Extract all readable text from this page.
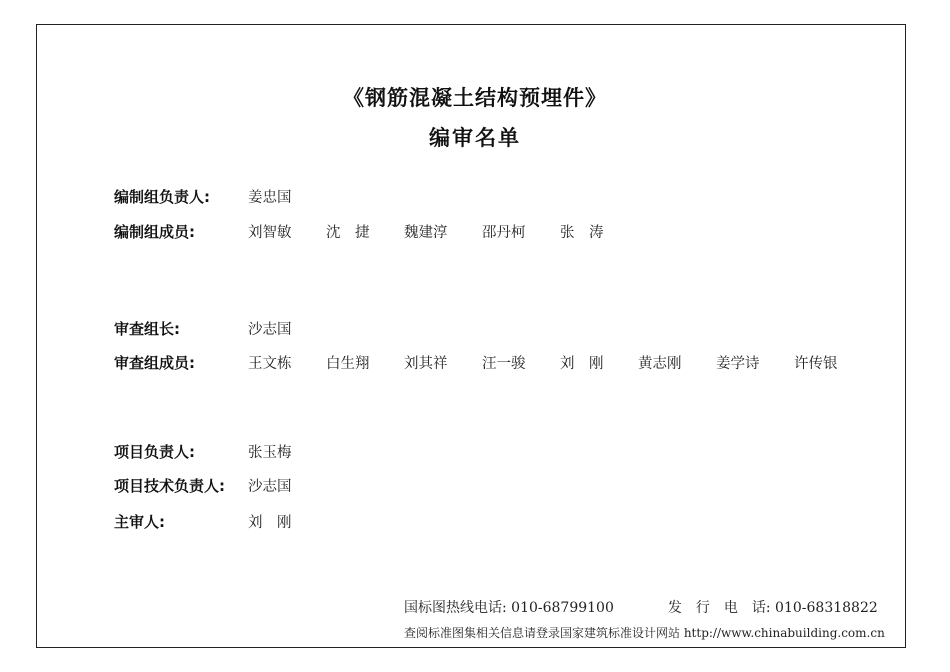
《钢筋混凝土结构预埋件》
编审名单
编制组负责人:	姜忠国
编制组成员:	刘智敏 沈　捷 魏建淳 邵丹柯 张　涛
审查组长:	沙志国
审查组成员:	王文栋 白生翔 刘其祥 汪一骏 刘　刚 黄志刚 姜学诗 许传银
项目负责人:	张玉梅
项目技术负责人: 沙志国
主审人:	刘　刚
国标图热线电话: 010-68799100	发　行　电　话: 010-68318822
查阅标准图集相关信息请登录国家建筑标准设计网站 http://www.chinabuilding.com.cn
